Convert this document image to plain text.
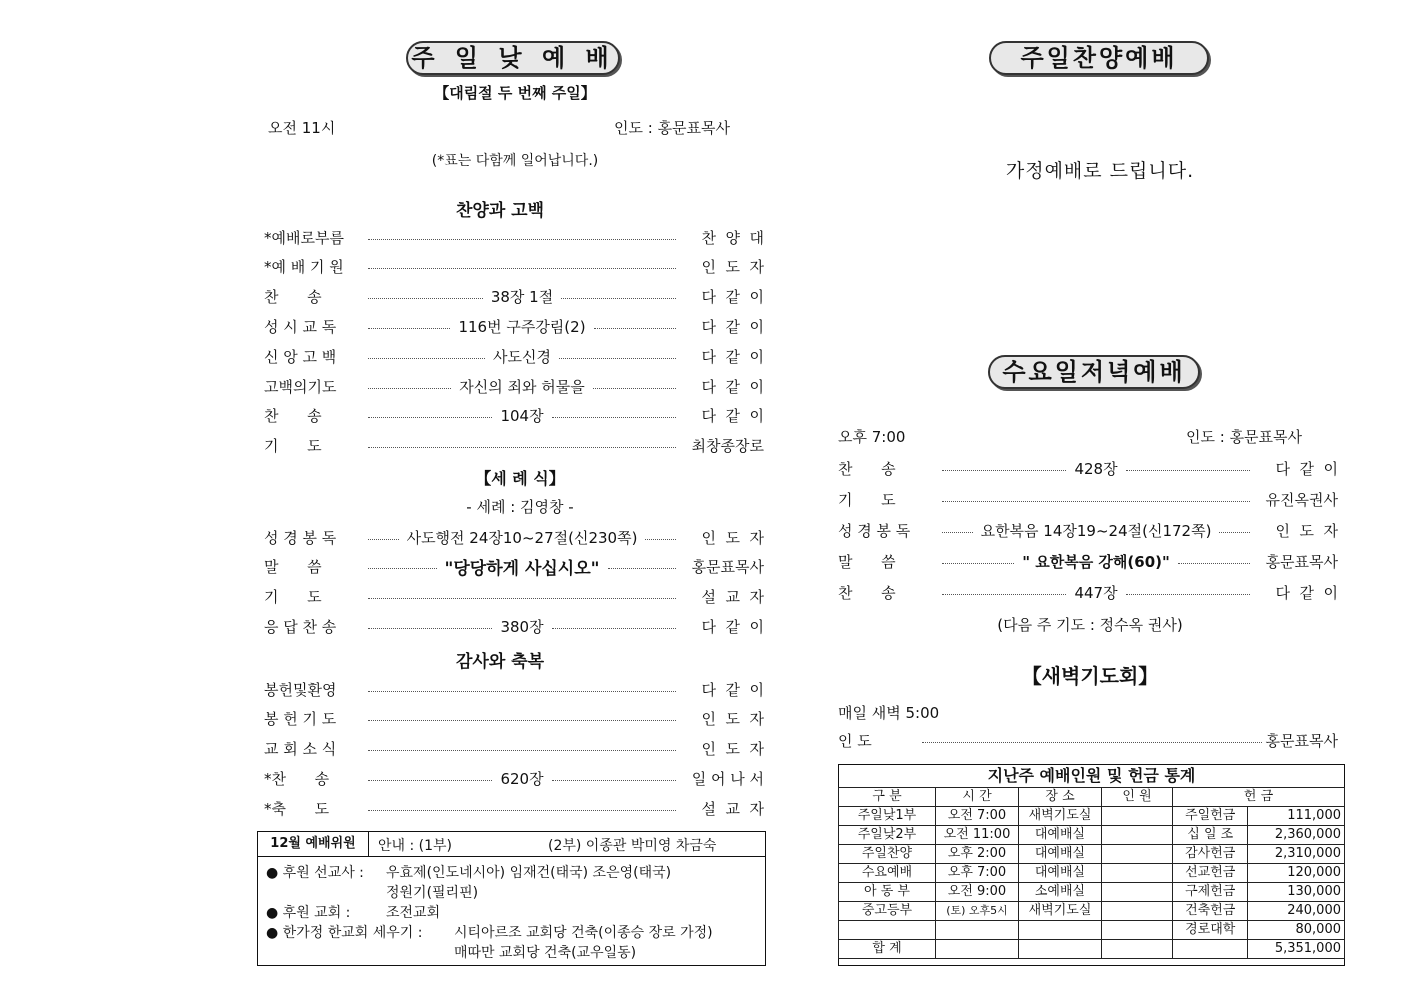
주 일 낮 예 배
【대림절 두 번째 주일】
오전 11시	인도 : 홍문표목사
(*표는 다함께 일어납니다.)
찬양과 고백
*예배로부름	찬  양  대
*예 배 기 원	인  도  자
찬      송	38장 1절	다  같  이
성 시 교 독	116번 구주강림(2)	다  같  이
신 앙 고 백	사도신경	다  같  이
고백의기도	자신의 죄와 허물을	다  같  이
찬      송	104장	다  같  이
기      도	최창종장로
【세 례 식】
- 세례 : 김영창 -
성 경 봉 독	사도행전 24장10~27절(신230쪽)	인  도  자
말      씀	"당당하게 사십시오"	홍문표목사
기      도	설  교  자
응 답 찬 송	380장	다  같  이
감사와 축복
봉헌및환영	다  같  이
봉 헌 기 도	인  도  자
교 회 소 식	인  도  자
*찬      송	620장	일 어 나 서
*축      도	설  교  자
12월 예배위원	안내 : (1부)	(2부) 이종관 박미영 차금숙
● 후원 선교사 : 우효제(인도네시아) 임재건(태국) 조은영(태국)
정원기(필리핀)
● 후원 교회 :	조전교회
● 한가정 한교회 세우기 : 시티아르조 교회당 건축(이종승 장로 가정)
매따만 교회당 건축(교우일동)
주일찬양예배
가정예배로 드립니다.
수요일저녁예배
오후 7:00	인도 : 홍문표목사
찬      송	428장	다  같  이
기      도	유진옥권사
성 경 봉 독	요한복음 14장19~24절(신172쪽)	인  도  자
말      씀	" 요한복음 강해(60)"	홍문표목사
찬      송	447장	다  같  이
(다음 주 기도 : 정수옥 권사)
【새벽기도회】
매일 새벽 5:00
인 도	홍문표목사
지난주 예배인원 및 헌금 통계
구 분	시 간	장 소	인 원	헌 금	
주일낮1부	오전 7:00	새벽기도실		주일헌금	111,000
주일낮2부	오전 11:00	대예배실		십 일 조	2,360,000
주일찬양	오후 2:00	대예배실		감사헌금	2,310,000
수요예배	오후 7:00	대예배실		선교헌금	120,000
아 동 부	오전 9:00	소예배실		구제헌금	130,000
중고등부	(토) 오후5시	새벽기도실		건축헌금	240,000
				경로대학	80,000
합 계					5,351,000
